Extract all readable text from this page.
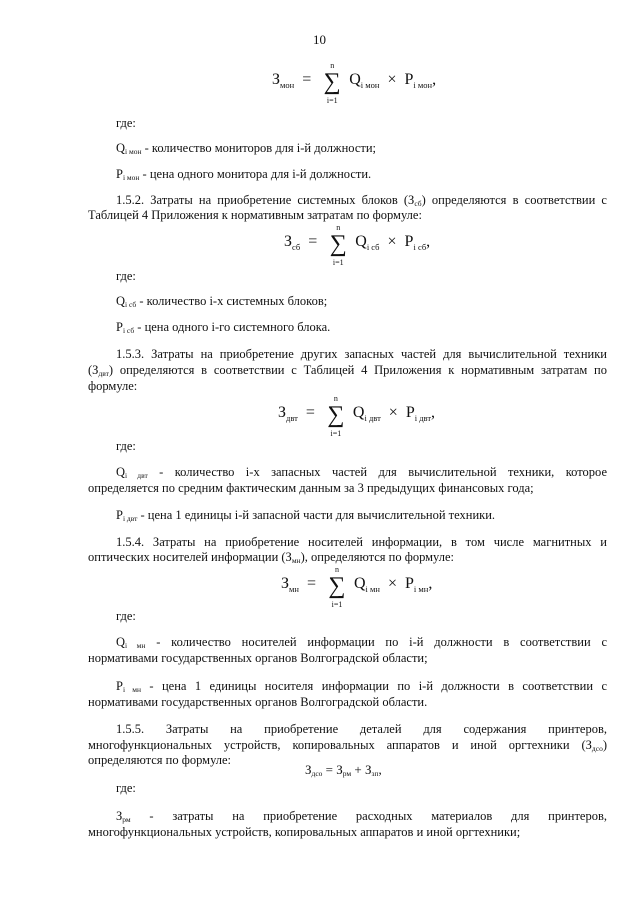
10
$З_{мон}$ =
n
∑
i=1
$Q_{i мон} \times P_{i мон}$,
где:
Qi мон - количество мониторов для i-й должности;
Pi мон - цена одного монитора для i-й должности.
1.5.2. Затраты на приобретение системных блоков (Зсб) определяются в соответствии с
Таблицей 4 Приложения к нормативным затратам по формуле:
$З_{сб}$ =
n
∑
i=1
$Q_{i сб} \times P_{i сб}$,
где:
Qi сб - количество i-х системных блоков;
Pi сб - цена одного i-го системного блока.
1.5.3. Затраты на приобретение других запасных частей для вычислительной техники
(Здвт) определяются в соответствии с Таблицей 4 Приложения к нормативным затратам по
формуле:
$З_{двт}$ =
n
∑
i=1
$Q_{i двт} \times P_{i двт}$,
где:
Qi двт - количество i-х запасных частей для вычислительной техники, которое
определяется по средним фактическим данным за 3 предыдущих финансовых года;
Pi двт - цена 1 единицы i-й запасной части для вычислительной техники.
1.5.4. Затраты на приобретение носителей информации, в том числе магнитных и
оптических носителей информации (Змн), определяются по формуле:
$З_{мн}$ =
n
∑
i=1
$Q_{i мн} \times P_{i мн}$,
где:
Qi мн - количество носителей информации по i-й должности в соответствии с
нормативами государственных органов Волгоградской области;
Pi мн - цена 1 единицы носителя информации по i-й должности в соответствии с
нормативами государственных органов Волгоградской области.
1.5.5. Затраты на приобретение деталей для содержания принтеров,
многофункциональных устройств, копировальных аппаратов и иной оргтехники (Здсо)
определяются по формуле:
Здсо = Зрм + Ззп,
где:
Зрм - затраты на приобретение расходных материалов для принтеров,
многофункциональных устройств, копировальных аппаратов и иной оргтехники;
